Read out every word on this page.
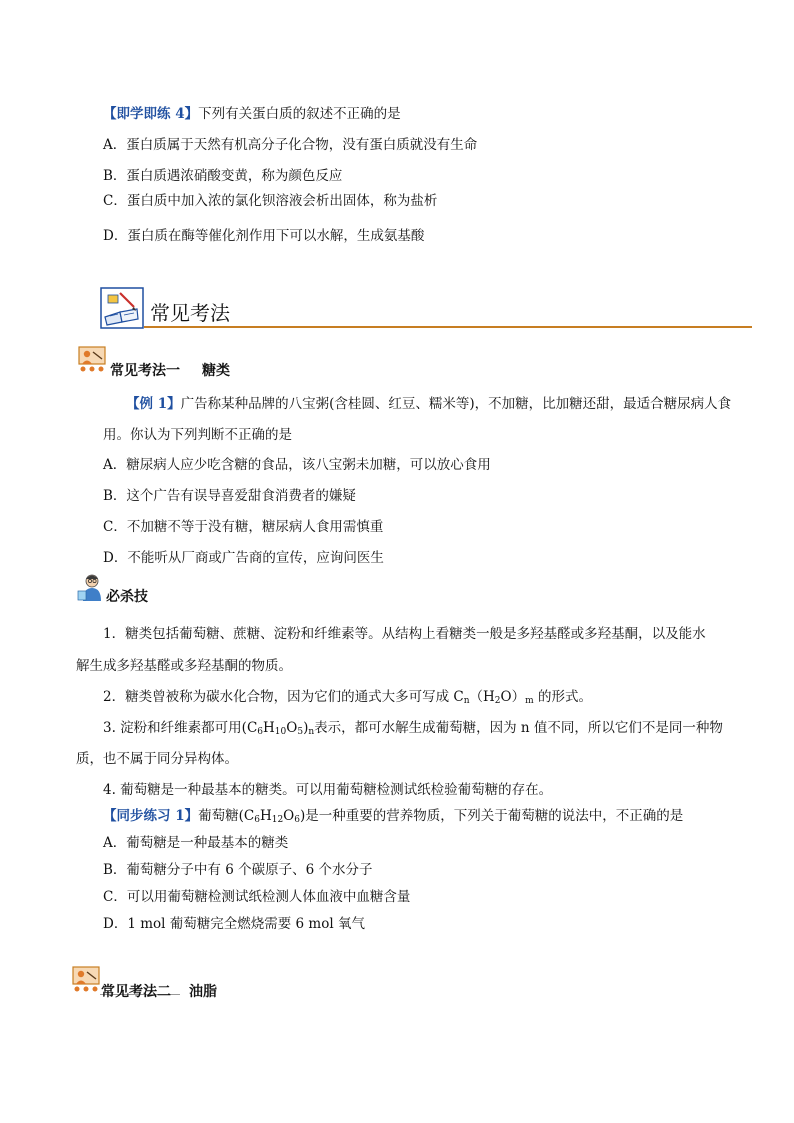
【即学即练 4】下列有关蛋白质的叙述不正确的是
A．蛋白质属于天然有机高分子化合物，没有蛋白质就没有生命
B．蛋白质遇浓硝酸变黄，称为颜色反应
C．蛋白质中加入浓的氯化钡溶液会析出固体，称为盐析
D．蛋白质在酶等催化剂作用下可以水解，生成氨基酸
常见考法
常见考法一 糖类
【例 1】广告称某种品牌的八宝粥(含桂圆、红豆、糯米等)，不加糖，比加糖还甜，最适合糖尿病人食
用。你认为下列判断不正确的是
A．糖尿病人应少吃含糖的食品，该八宝粥未加糖，可以放心食用
B．这个广告有误导喜爱甜食消费者的嫌疑
C．不加糖不等于没有糖，糖尿病人食用需慎重
D．不能听从厂商或广告商的宣传，应询问医生
必杀技
1．糖类包括葡萄糖、蔗糖、淀粉和纤维素等。从结构上看糖类一般是多羟基醛或多羟基酮，以及能水
解生成多羟基醛或多羟基酮的物质。
2．糖类曾被称为碳水化合物，因为它们的通式大多可写成 $C_n(H_2O)_m$ 的形式。
3. 淀粉和纤维素都可用$(C_6H_{10}O_5)_n$表示，都可水解生成葡萄糖，因为 n 值不同，所以它们不是同一种物
质，也不属于同分异构体。
4. 葡萄糖是一种最基本的糖类。可以用葡萄糖检测试纸检验葡萄糖的存在。
【同步练习 1】葡萄糖$(C_6H_{12}O_6)$是一种重要的营养物质，下列关于葡萄糖的说法中，不正确的是
A．葡萄糖是一种最基本的糖类
B．葡萄糖分子中有 6 个碳原子、6 个水分子
C．可以用葡萄糖检测试纸检测人体血液中血糖含量
D．1 mol 葡萄糖完全燃烧需要 6 mol 氧气
常见考法二 油脂
